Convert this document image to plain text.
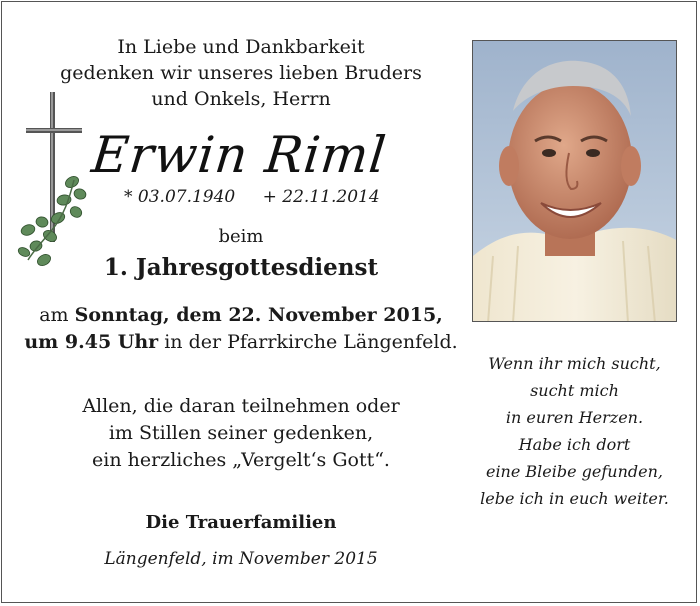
In Liebe und Dankbarkeit
gedenken wir unseres lieben Bruders
und Onkels, Herrn
Erwin Riml
* 03.07.1940 + 22.11.2014
beim
1. Jahresgottesdienst
am Sonntag, dem 22. November 2015,
um 9.45 Uhr in der Pfarrkirche Längenfeld.
Allen, die daran teilnehmen oder
im Stillen seiner gedenken,
ein herzliches „Vergelt‘s Gott“.
Die Trauerfamilien
Längenfeld, im November 2015
Wenn ihr mich sucht,
sucht mich
in euren Herzen.
Habe ich dort
eine Bleibe gefunden,
lebe ich in euch weiter.
